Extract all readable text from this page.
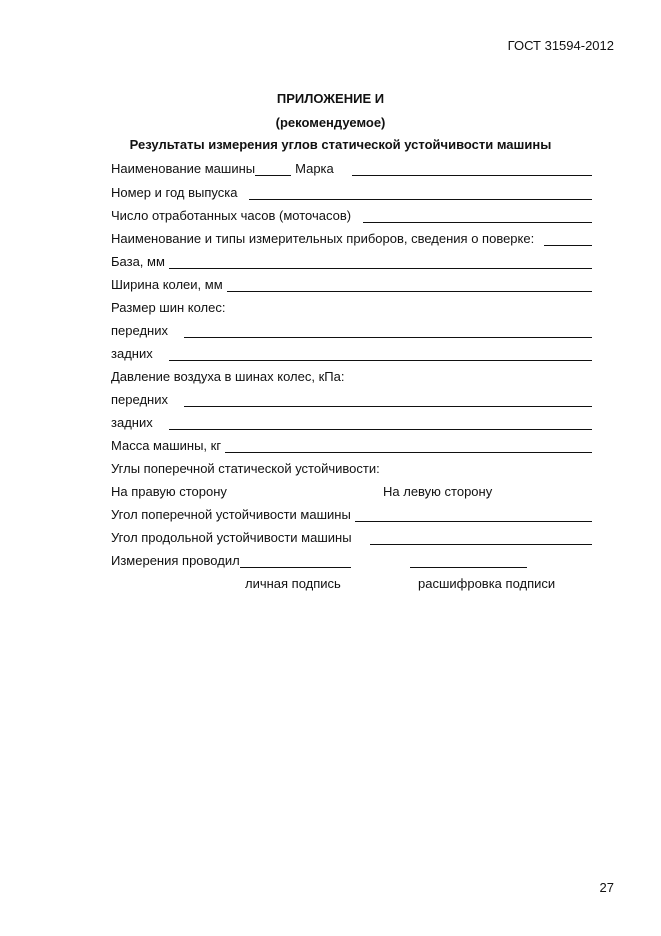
ГОСТ 31594-2012
ПРИЛОЖЕНИЕ И
(рекомендуемое)
Результаты измерения углов статической устойчивости машины
Наименование машины	Марка
Номер и год выпуска
Число отработанных часов (моточасов)
Наименование и типы измерительных приборов, сведения о поверке:
База, мм
Ширина колеи, мм
Размер шин колес:
передних
задних
Давление воздуха в шинах колес, кПа:
передних
задних
Масса машины, кг
Углы поперечной статической устойчивости:
На правую сторону	На левую сторону
Угол поперечной устойчивости машины
Угол продольной устойчивости машины
Измерения проводил
личная подпись	расшифровка подписи
27
